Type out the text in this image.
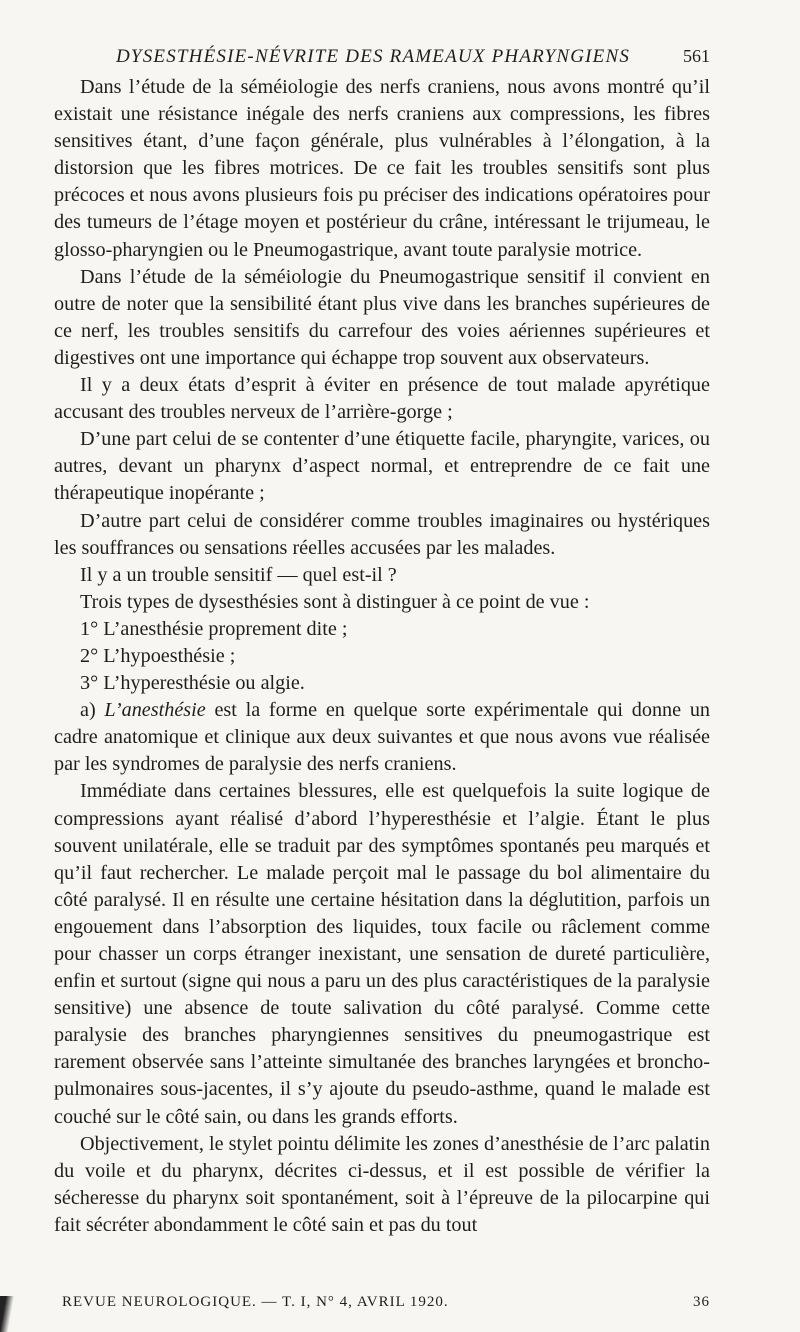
DYSESTHÉSIE-NÉVRITE DES RAMEAUX PHARYNGIENS	561

Dans l’étude de la séméiologie des nerfs craniens, nous avons montré qu’il existait une résistance inégale des nerfs craniens aux compressions, les fibres sensitives étant, d’une façon générale, plus vulnérables à l’élongation, à la distorsion que les fibres motrices. De ce fait les troubles sensitifs sont plus précoces et nous avons plusieurs fois pu préciser des indications opératoires pour des tumeurs de l’étage moyen et postérieur du crâne, intéressant le trijumeau, le glosso-pharyngien ou le Pneumogastrique, avant toute paralysie motrice.

Dans l’étude de la séméiologie du Pneumogastrique sensitif il convient en outre de noter que la sensibilité étant plus vive dans les branches supérieures de ce nerf, les troubles sensitifs du carrefour des voies aériennes supérieures et digestives ont une importance qui échappe trop souvent aux observateurs.

Il y a deux états d’esprit à éviter en présence de tout malade apyrétique accusant des troubles nerveux de l’arrière-gorge ;

D’une part celui de se contenter d’une étiquette facile, pharyngite, varices, ou autres, devant un pharynx d’aspect normal, et entreprendre de ce fait une thérapeutique inopérante ;

D’autre part celui de considérer comme troubles imaginaires ou hystériques les souffrances ou sensations réelles accusées par les malades.

Il y a un trouble sensitif — quel est-il ?

Trois types de dysesthésies sont à distinguer à ce point de vue :

1° L’anesthésie proprement dite ;

2° L’hypoesthésie ;

3° L’hyperesthésie ou algie.

a) L’anesthésie est la forme en quelque sorte expérimentale qui donne un cadre anatomique et clinique aux deux suivantes et que nous avons vue réalisée par les syndromes de paralysie des nerfs craniens.

Immédiate dans certaines blessures, elle est quelquefois la suite logique de compressions ayant réalisé d’abord l’hyperesthésie et l’algie. Étant le plus souvent unilatérale, elle se traduit par des symptômes spontanés peu marqués et qu’il faut rechercher. Le malade perçoit mal le passage du bol alimentaire du côté paralysé. Il en résulte une certaine hésitation dans la déglutition, parfois un engouement dans l’absorption des liquides, toux facile ou râclement comme pour chasser un corps étranger inexistant, une sensation de dureté particulière, enfin et surtout (signe qui nous a paru un des plus caractéristiques de la paralysie sensitive) une absence de toute salivation du côté paralysé. Comme cette paralysie des branches pharyngiennes sensitives du pneumogastrique est rarement observée sans l’atteinte simultanée des branches laryngées et broncho-pulmonaires sous-jacentes, il s’y ajoute du pseudo-asthme, quand le malade est couché sur le côté sain, ou dans les grands efforts.

Objectivement, le stylet pointu délimite les zones d’anesthésie de l’arc palatin du voile et du pharynx, décrites ci-dessus, et il est possible de vérifier la sécheresse du pharynx soit spontanément, soit à l’épreuve de la pilocarpine qui fait sécréter abondamment le côté sain et pas du tout

REVUE NEUROLOGIQUE. — T. I, N° 4, AVRIL 1920.	36
